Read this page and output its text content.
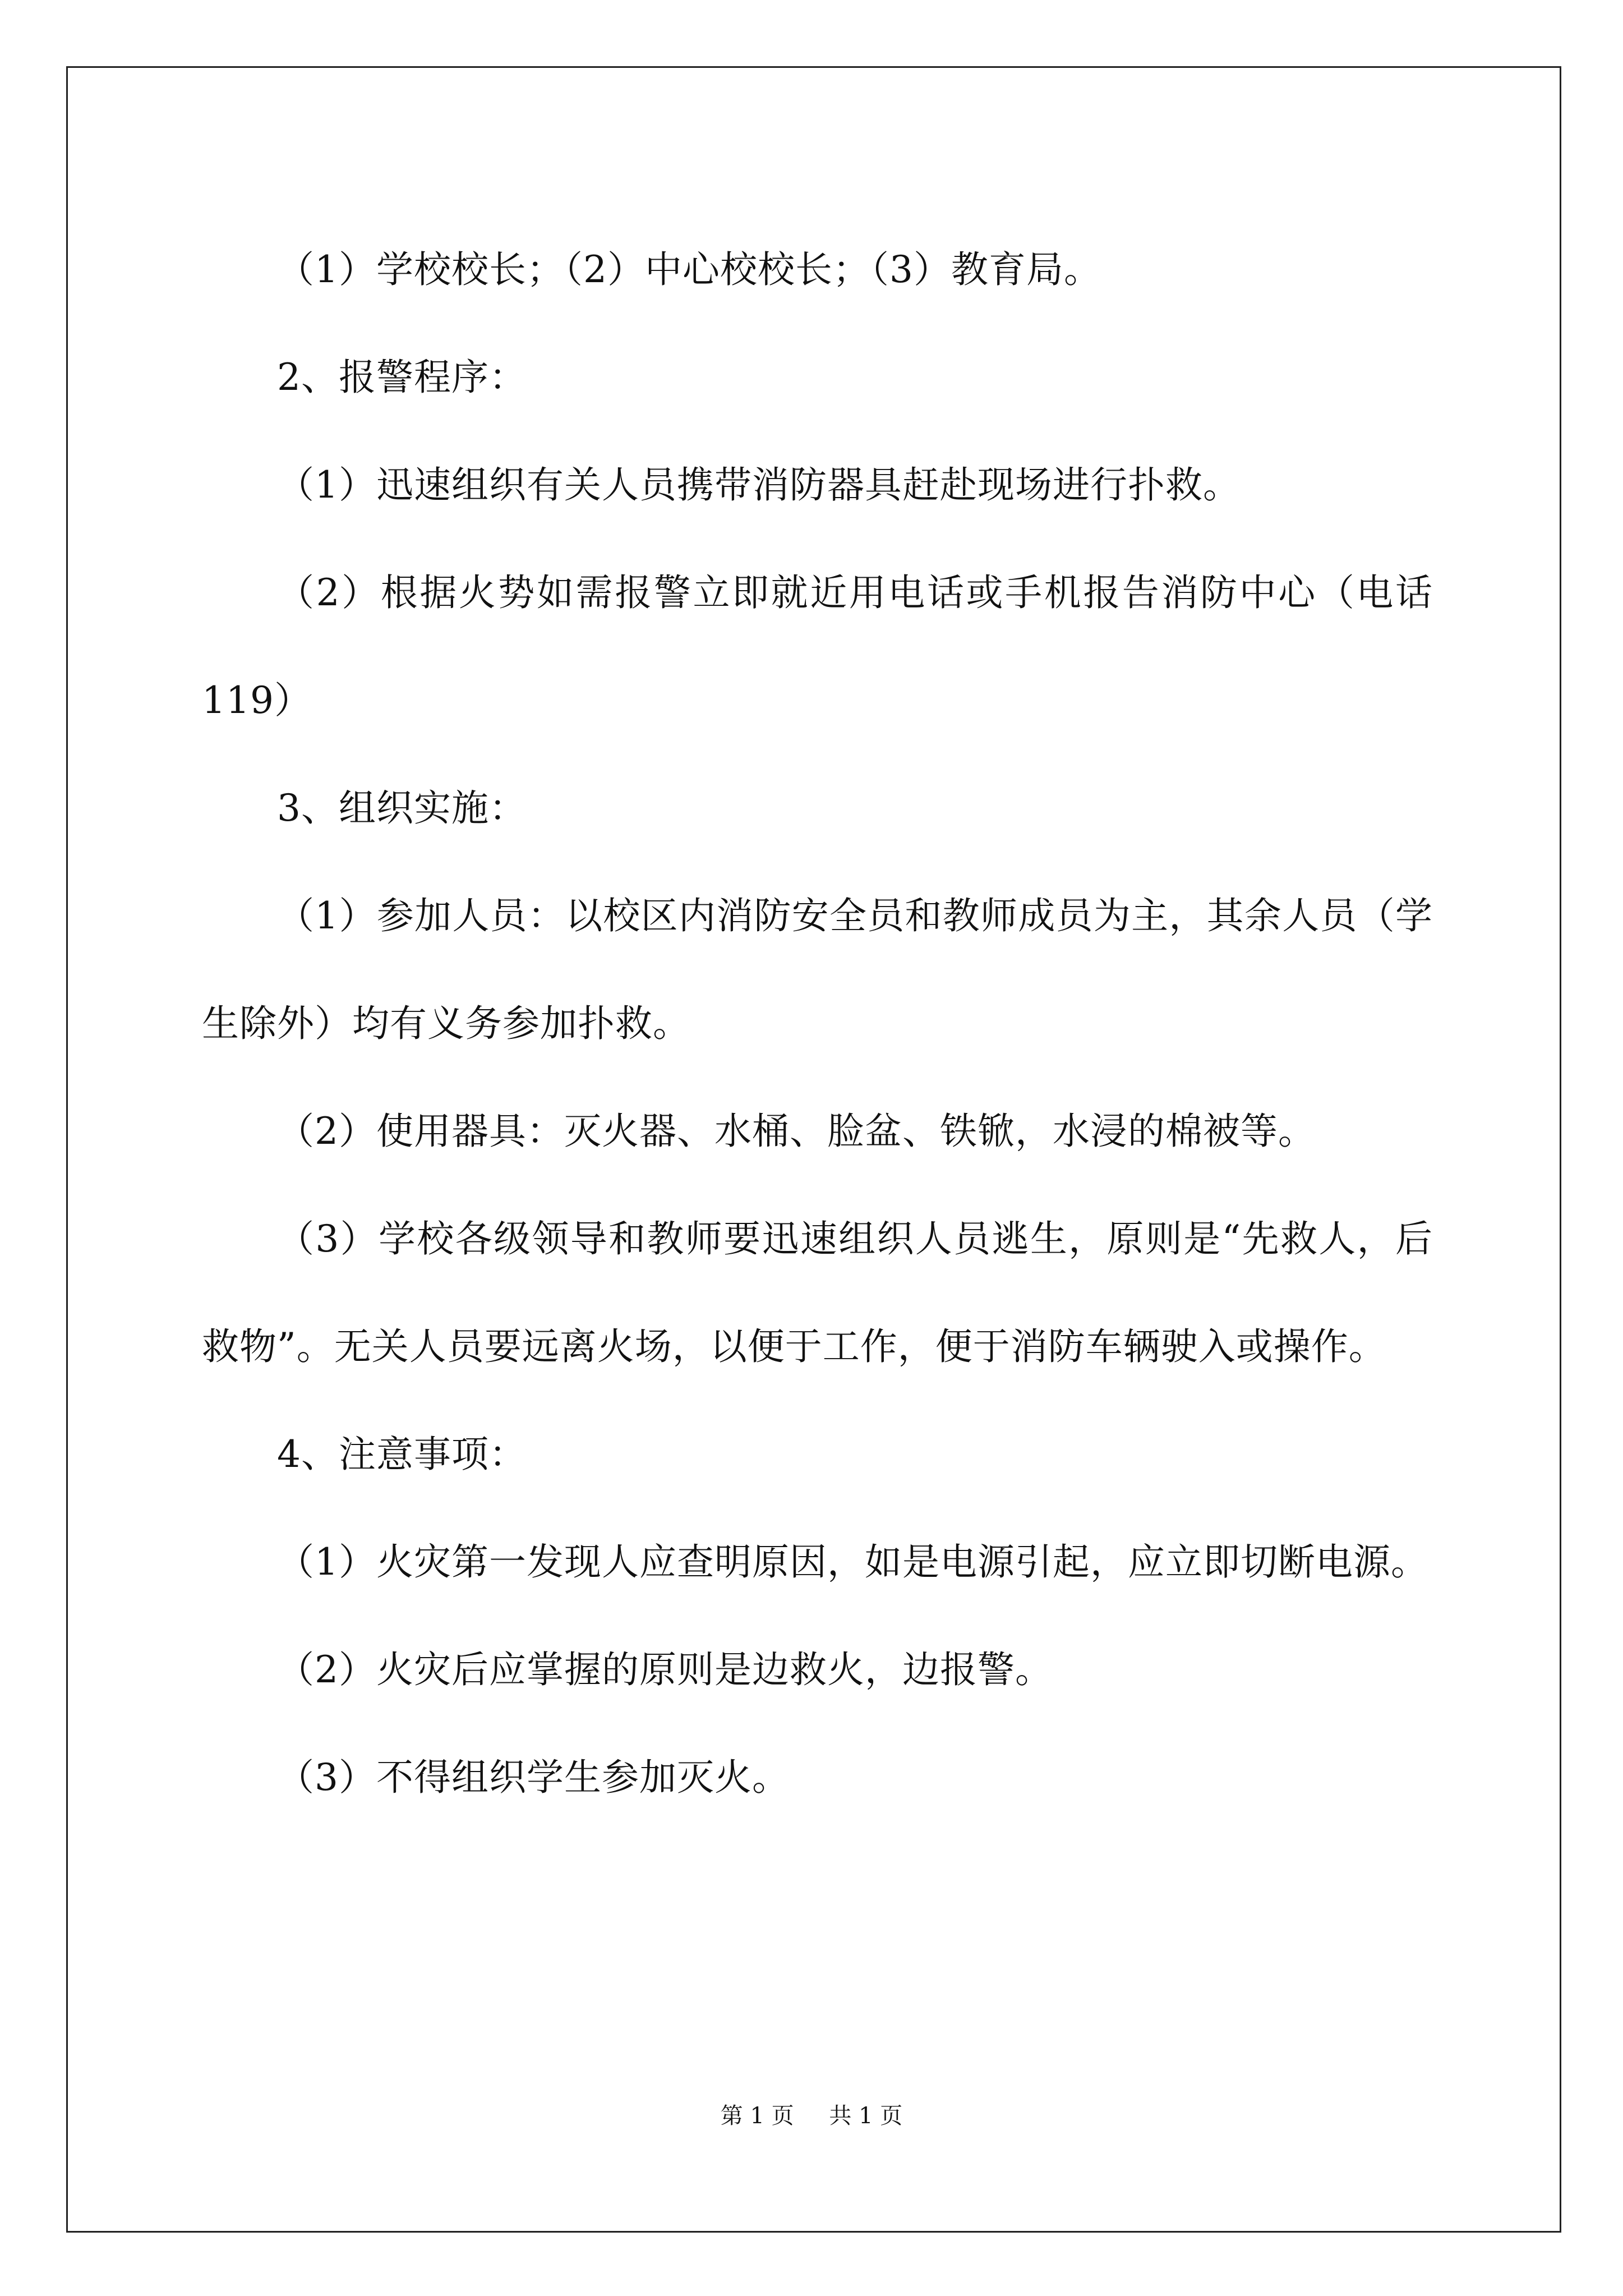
（1）学校校长；（2）中心校校长；（3）教育局。

2、报警程序：

（1）迅速组织有关人员携带消防器具赶赴现场进行扑救。

（2）根据火势如需报警立即就近用电话或手机报告消防中心（电话 119）

3、组织实施：

（1）参加人员：以校区内消防安全员和教师成员为主，其余人员（学生除外）均有义务参加扑救。

（2）使用器具：灭火器、水桶、脸盆、铁锨，水浸的棉被等。

（3）学校各级领导和教师要迅速组织人员逃生，原则是“先救人，后救物”。无关人员要远离火场，以便于工作，便于消防车辆驶入或操作。

4、注意事项：

（1）火灾第一发现人应查明原因，如是电源引起，应立即切断电源。

（2）火灾后应掌握的原则是边救火，边报警。

（3）不得组织学生参加灭火。

第 1 页 共 1 页
